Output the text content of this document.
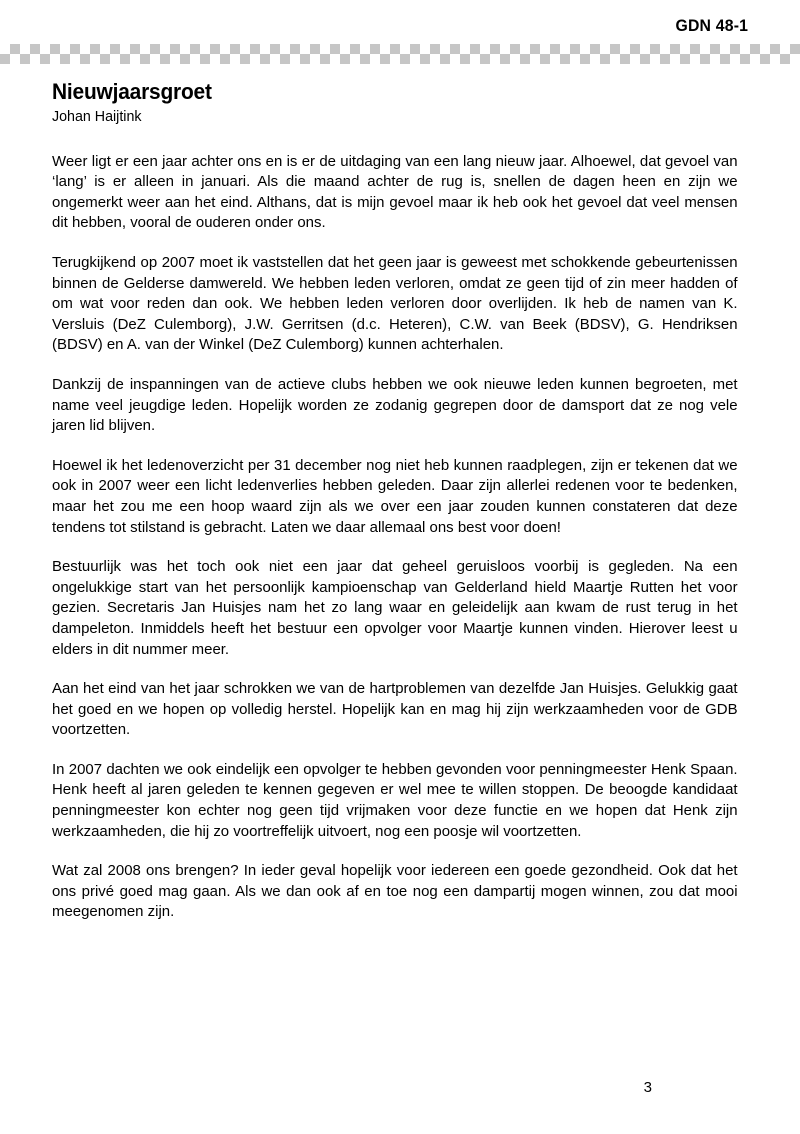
GDN 48-1
Nieuwjaarsgroet
Johan Haijtink

Weer ligt er een jaar achter ons en is er de uitdaging van een lang nieuw jaar. Alhoewel, dat gevoel van ‘lang’ is er alleen in januari. Als die maand achter de rug is, snellen de dagen heen en zijn we ongemerkt weer aan het eind. Althans, dat is mijn gevoel maar ik heb ook het gevoel dat veel mensen dit hebben, vooral de ouderen onder ons.

Terugkijkend op 2007 moet ik vaststellen dat het geen jaar is geweest met schokkende gebeurtenissen binnen de Gelderse damwereld. We hebben leden verloren, omdat ze geen tijd of zin meer hadden of om wat voor reden dan ook. We hebben leden verloren door overlijden. Ik heb de namen van K. Versluis (DeZ Culemborg), J.W. Gerritsen (d.c. Heteren), C.W. van Beek (BDSV), G. Hendriksen (BDSV) en A. van der Winkel (DeZ Culemborg) kunnen achterhalen.

Dankzij de inspanningen van de actieve clubs hebben we ook nieuwe leden kunnen begroeten, met name veel jeugdige leden. Hopelijk worden ze zodanig gegrepen door de damsport dat ze nog vele jaren lid blijven.

Hoewel ik het ledenoverzicht per 31 december nog niet heb kunnen raadplegen, zijn er tekenen dat we ook in 2007 weer een licht ledenverlies hebben geleden. Daar zijn allerlei redenen voor te bedenken, maar het zou me een hoop waard zijn als we over een jaar zouden kunnen constateren dat deze tendens tot stilstand is gebracht. Laten we daar allemaal ons best voor doen!

Bestuurlijk was het toch ook niet een jaar dat geheel geruisloos voorbij is gegleden. Na een ongelukkige start van het persoonlijk kampioenschap van Gelderland hield Maartje Rutten het voor gezien. Secretaris Jan Huisjes nam het zo lang waar en geleidelijk aan kwam de rust terug in het dampeleton. Inmiddels heeft het bestuur een opvolger voor Maartje kunnen vinden. Hierover leest u elders in dit nummer meer.

Aan het eind van het jaar schrokken we van de hartproblemen van dezelfde Jan Huisjes. Gelukkig gaat het goed en we hopen op volledig herstel. Hopelijk kan en mag hij zijn werkzaamheden voor de GDB voortzetten.

In 2007 dachten we ook eindelijk een opvolger te hebben gevonden voor penningmeester Henk Spaan. Henk heeft al jaren geleden te kennen gegeven er wel mee te willen stoppen. De beoogde kandidaat penningmeester kon echter nog geen tijd vrijmaken voor deze functie en we hopen dat Henk zijn werkzaamheden, die hij zo voortreffelijk uitvoert, nog een poosje wil voortzetten.

Wat zal 2008 ons brengen? In ieder geval hopelijk voor iedereen een goede gezondheid. Ook dat het ons privé goed mag gaan. Als we dan ook af en toe nog een dampartij mogen winnen, zou dat mooi meegenomen zijn.

3
